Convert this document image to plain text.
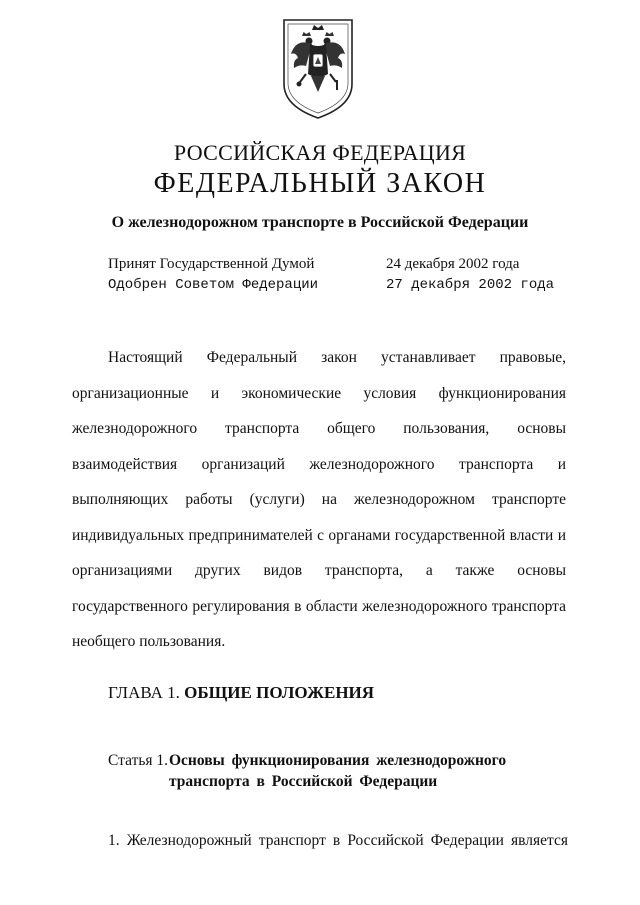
РОССИЙСКАЯ ФЕДЕРАЦИЯ
ФЕДЕРАЛЬНЫЙ ЗАКОН
О железнодорожном транспорте в Российской Федерации
Принят Государственной Думой	24 декабря 2002 года
Одобрен Советом Федерации	27 декабря 2002 года

Настоящий Федеральный закон устанавливает правовые, организационные и экономические условия функционирования железнодорожного транспорта общего пользования, основы взаимодействия организаций железнодорожного транспорта и выполняющих работы (услуги) на железнодорожном транспорте индивидуальных предпринимателей с органами государственной власти и организациями других видов транспорта, а также основы государственного регулирования в области железнодорожного транспорта необщего пользования.

ГЛАВА 1. ОБЩИЕ ПОЛОЖЕНИЯ
Статья 1. Основы функционирования железнодорожного
транспорта в Российской Федерации
1. Железнодорожный транспорт в Российской Федерации является
